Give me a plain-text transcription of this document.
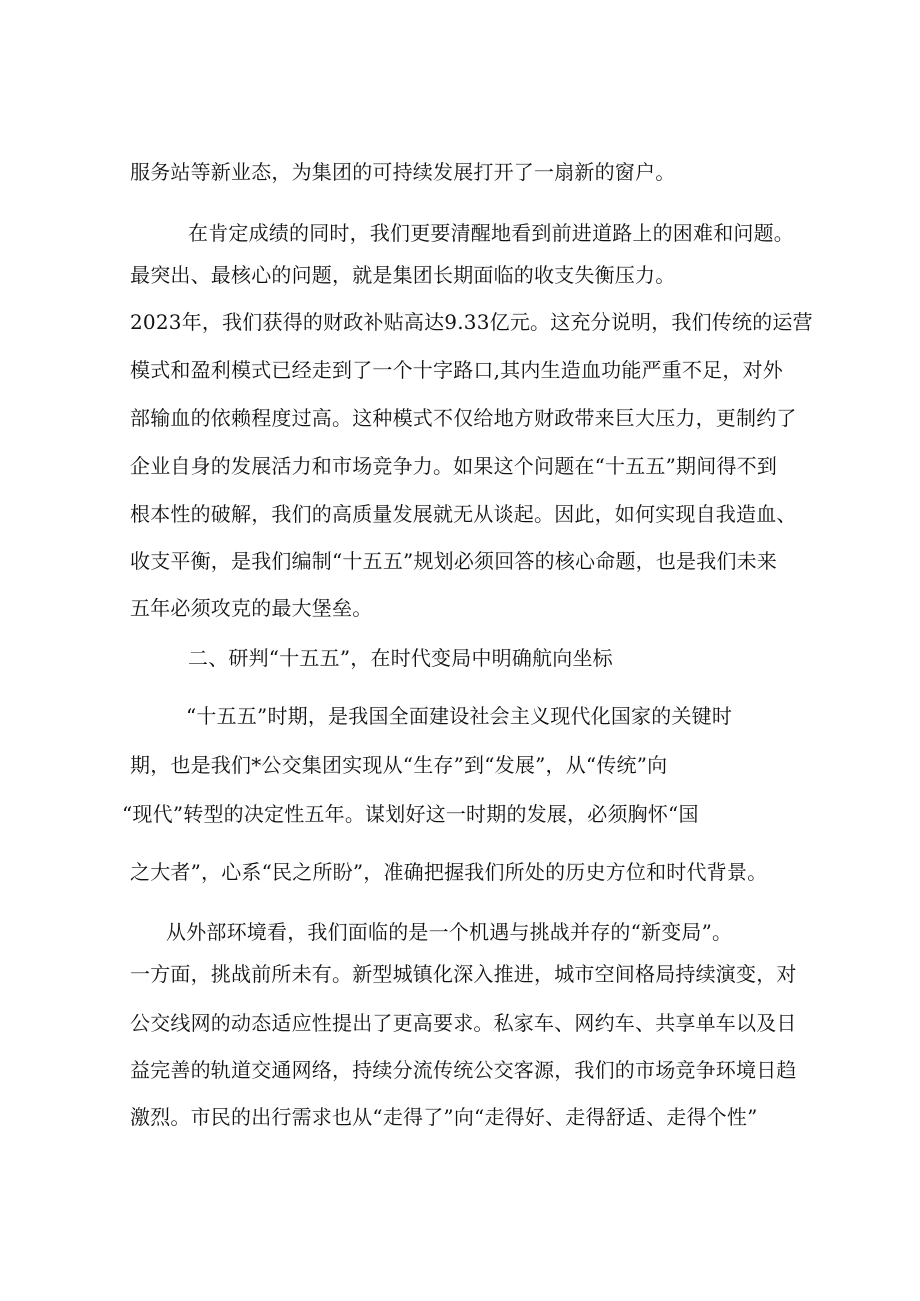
服务站等新业态，为集团的可持续发展打开了一扇新的窗户。
在肯定成绩的同时，我们更要清醒地看到前进道路上的困难和问题。
最突出、最核心的问题，就是集团长期面临的收支失衡压力。
2023年，我们获得的财政补贴高达9.33亿元。这充分说明，我们传统的运营
模式和盈利模式已经走到了一个十字路口,其内生造血功能严重不足，对外
部输血的依赖程度过高。这种模式不仅给地方财政带来巨大压力，更制约了
企业自身的发展活力和市场竞争力。如果这个问题在“十五五”期间得不到
根本性的破解，我们的高质量发展就无从谈起。因此，如何实现自我造血、
收支平衡，是我们编制“十五五”规划必须回答的核心命题，也是我们未来
五年必须攻克的最大堡垒。
二、研判“十五五”，在时代变局中明确航向坐标
“十五五”时期，是我国全面建设社会主义现代化国家的关键时
期，也是我们*公交集团实现从“生存”到“发展”，从“传统”向
“现代”转型的决定性五年。谋划好这一时期的发展，必须胸怀“国
之大者”，心系“民之所盼”，准确把握我们所处的历史方位和时代背景。
从外部环境看，我们面临的是一个机遇与挑战并存的“新变局”。
一方面，挑战前所未有。新型城镇化深入推进，城市空间格局持续演变，对
公交线网的动态适应性提出了更高要求。私家车、网约车、共享单车以及日
益完善的轨道交通网络，持续分流传统公交客源，我们的市场竞争环境日趋
激烈。市民的出行需求也从“走得了”向“走得好、走得舒适、走得个性”
